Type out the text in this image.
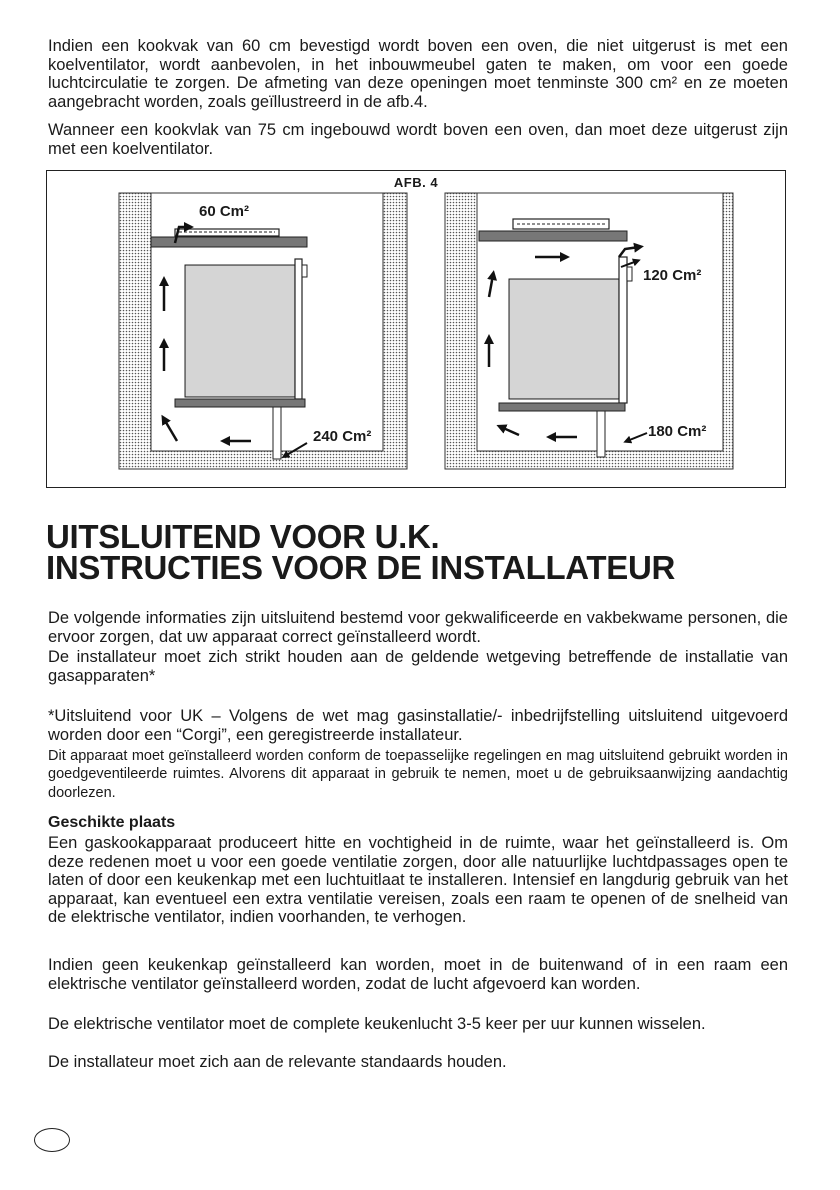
Indien een kookvak van 60 cm bevestigd wordt boven een oven, die niet uitgerust is met een koelventilator, wordt aanbevolen, in het inbouwmeubel gaten te maken, om voor een goede luchtcirculatie te zorgen. De afmeting van deze openingen moet tenminste 300 cm² en ze moeten aangebracht worden, zoals geïllustreerd in de afb.4.

Wanneer een kookvlak van 75 cm ingebouwd wordt boven een oven, dan moet deze uitgerust zijn met een koelventilator.

AFB. 4
60 Cm²
240 Cm²
120 Cm²
180 Cm²
UITSLUITEND VOOR U.K.
INSTRUCTIES VOOR DE INSTALLATEUR

De volgende informaties zijn uitsluitend bestemd voor gekwalificeerde en vakbekwame personen, die ervoor zorgen, dat uw apparaat correct geïnstalleerd wordt.

De installateur moet zich strikt houden aan de geldende wetgeving betreffende de installatie van gasapparaten*

*Uitsluitend voor UK – Volgens de wet mag gasinstallatie/- inbedrijfstelling uitsluitend uitgevoerd worden door een “Corgi”, een geregistreerde installateur.

Dit apparaat moet geïnstalleerd worden conform de toepasselijke regelingen en mag uitsluitend gebruikt worden in goedgeventileerde ruimtes. Alvorens dit apparaat in gebruik te nemen, moet u de gebruiksaanwijzing aandachtig doorlezen.

Geschikte plaats

Een gaskookapparaat produceert hitte en vochtigheid in de ruimte, waar het geïnstalleerd is. Om deze redenen moet u voor een goede ventilatie zorgen, door alle natuurlijke luchtdpassages open te laten of door een keukenkap met een luchtuitlaat te installeren. Intensief en langdurig gebruik van het apparaat, kan eventueel een extra ventilatie vereisen, zoals een raam te openen of de snelheid van de elektrische ventilator, indien voorhanden, te verhogen.

Indien geen keukenkap geïnstalleerd kan worden, moet in de buitenwand of in een raam een elektrische ventilator geïnstalleerd worden, zodat de lucht afgevoerd kan worden.

De elektrische ventilator moet de complete keukenlucht 3-5 keer per uur kunnen wisselen.

De installateur moet zich aan de relevante standaards houden.
